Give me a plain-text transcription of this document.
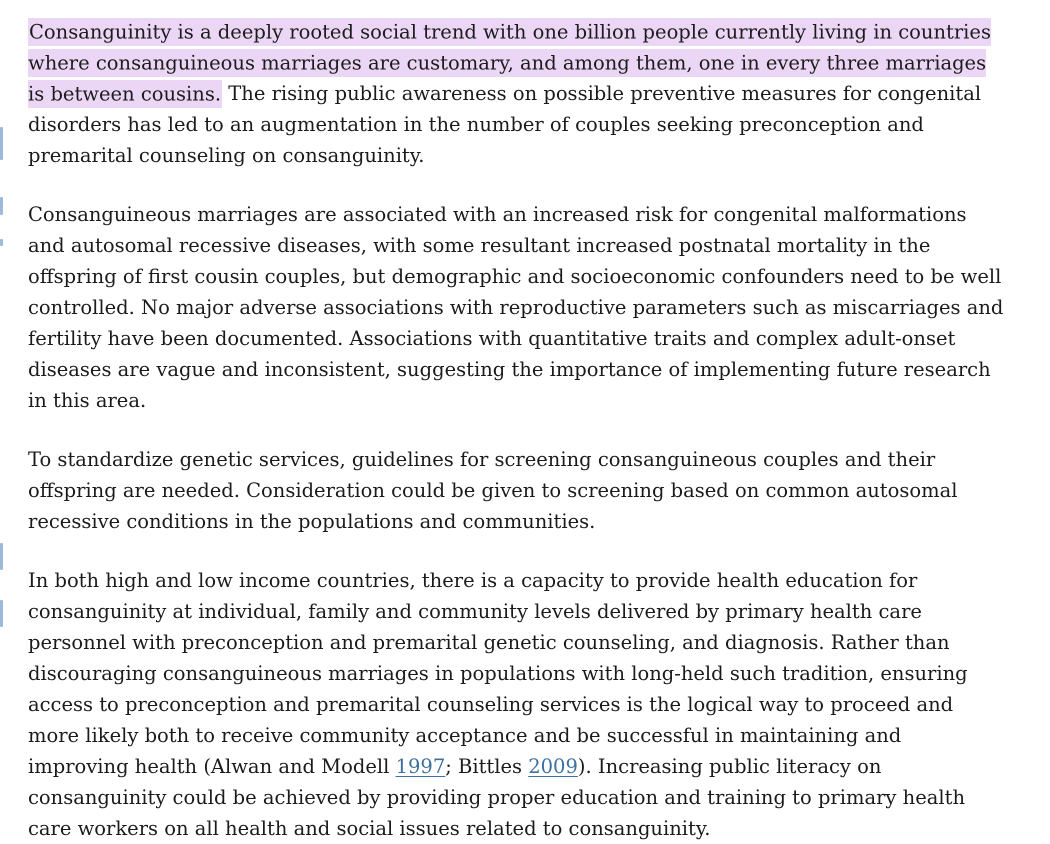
Consanguinity is a deeply rooted social trend with one billion people currently living in countries where consanguineous marriages are customary, and among them, one in every three marriages is between cousins. The rising public awareness on possible preventive measures for congenital disorders has led to an augmentation in the number of couples seeking preconception and premarital counseling on consanguinity.

Consanguineous marriages are associated with an increased risk for congenital malformations and autosomal recessive diseases, with some resultant increased postnatal mortality in the offspring of first cousin couples, but demographic and socioeconomic confounders need to be well controlled. No major adverse associations with reproductive parameters such as miscarriages and fertility have been documented. Associations with quantitative traits and complex adult-onset diseases are vague and inconsistent, suggesting the importance of implementing future research in this area.

To standardize genetic services, guidelines for screening consanguineous couples and their offspring are needed. Consideration could be given to screening based on common autosomal recessive conditions in the populations and communities.

In both high and low income countries, there is a capacity to provide health education for consanguinity at individual, family and community levels delivered by primary health care personnel with preconception and premarital genetic counseling, and diagnosis. Rather than discouraging consanguineous marriages in populations with long-held such tradition, ensuring access to preconception and premarital counseling services is the logical way to proceed and more likely both to receive community acceptance and be successful in maintaining and improving health (Alwan and Modell 1997; Bittles 2009). Increasing public literacy on consanguinity could be achieved by providing proper education and training to primary health care workers on all health and social issues related to consanguinity.
